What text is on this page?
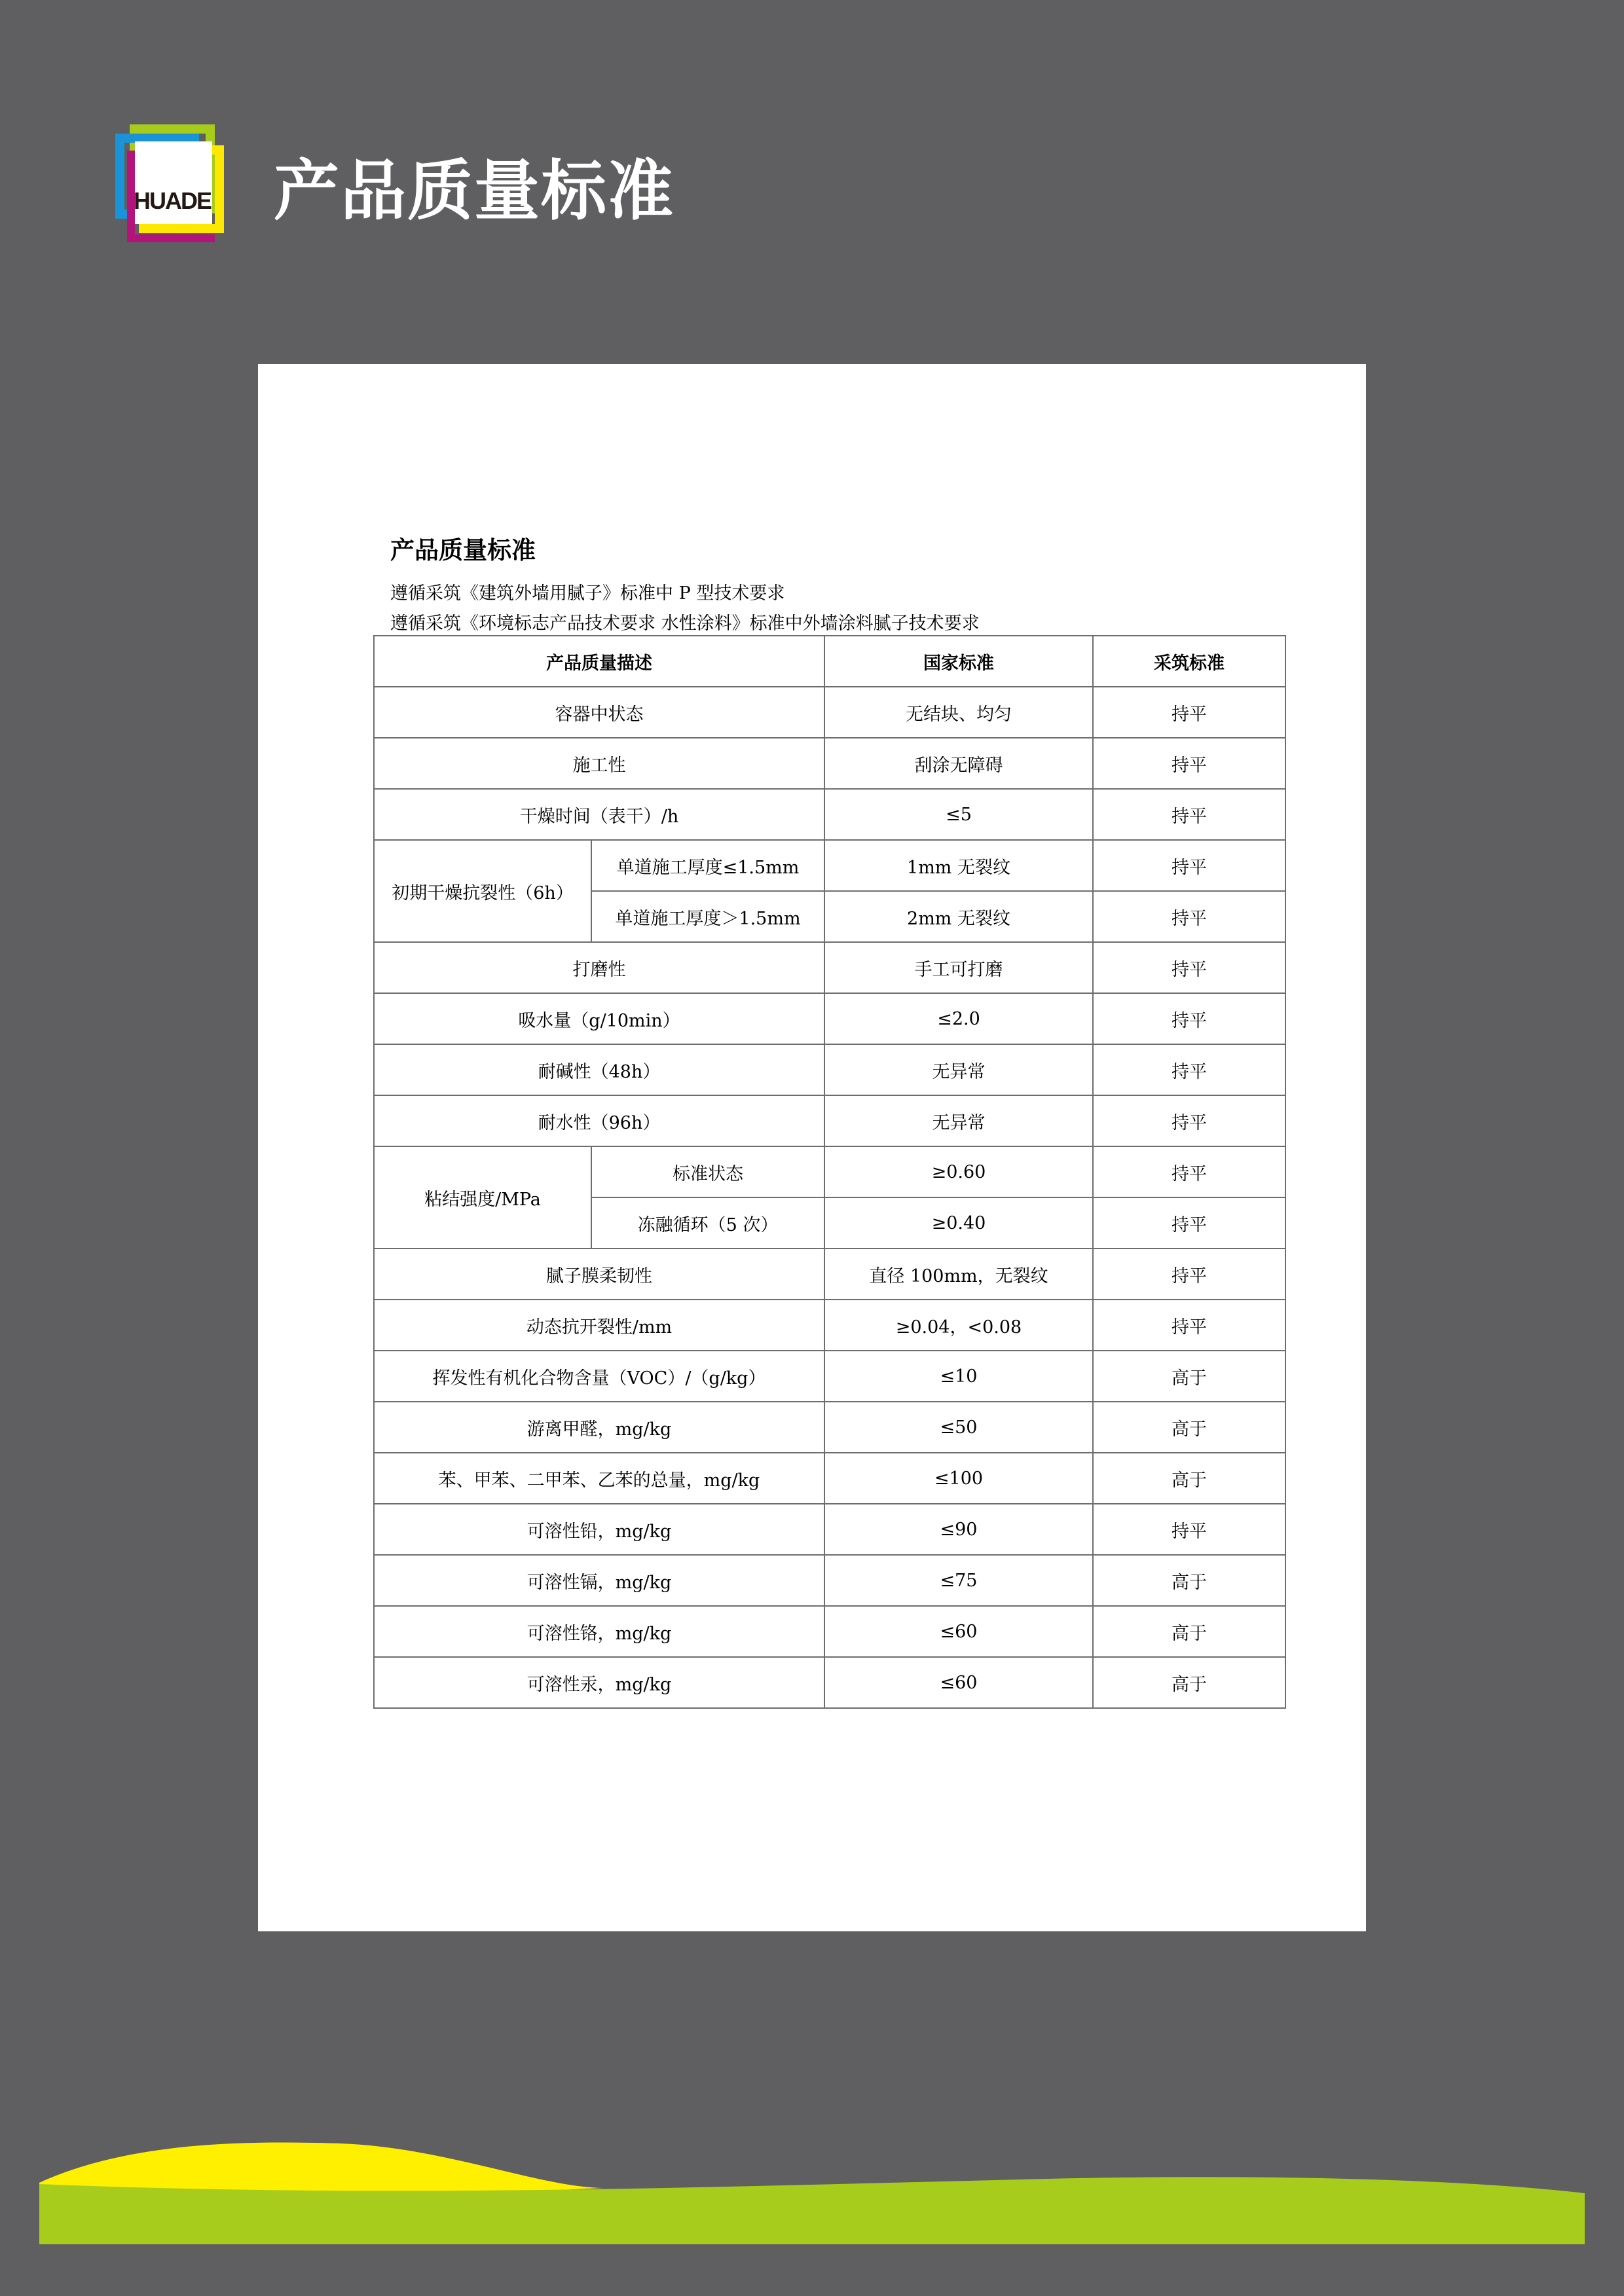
HUADE 产品质量标准
产品质量标准
遵循采筑《建筑外墙用腻子》标准中 P 型技术要求
遵循采筑《环境标志产品技术要求 水性涂料》标准中外墙涂料腻子技术要求
产品质量描述		国家标准	采筑标准
容器中状态		无结块、均匀	持平
施工性		刮涂无障碍	持平
干燥时间（表干）/h		≤5	持平
初期干燥抗裂性（6h）	单道施工厚度≤1.5mm	1mm 无裂纹	持平
	单道施工厚度＞1.5mm	2mm 无裂纹	持平
打磨性		手工可打磨	持平
吸水量（g/10min）		≤2.0	持平
耐碱性（48h）		无异常	持平
耐水性（96h）		无异常	持平
粘结强度/MPa	标准状态	≥0.60	持平
	冻融循环（5 次）	≥0.40	持平
腻子膜柔韧性		直径 100mm，无裂纹	持平
动态抗开裂性/mm		≥0.04，<0.08	持平
挥发性有机化合物含量（VOC）/（g/kg）		≤10	高于
游离甲醛，mg/kg		≤50	高于
苯、甲苯、二甲苯、乙苯的总量，mg/kg		≤100	高于
可溶性铅，mg/kg		≤90	持平
可溶性镉，mg/kg		≤75	高于
可溶性铬，mg/kg		≤60	高于
可溶性汞，mg/kg		≤60	高于
